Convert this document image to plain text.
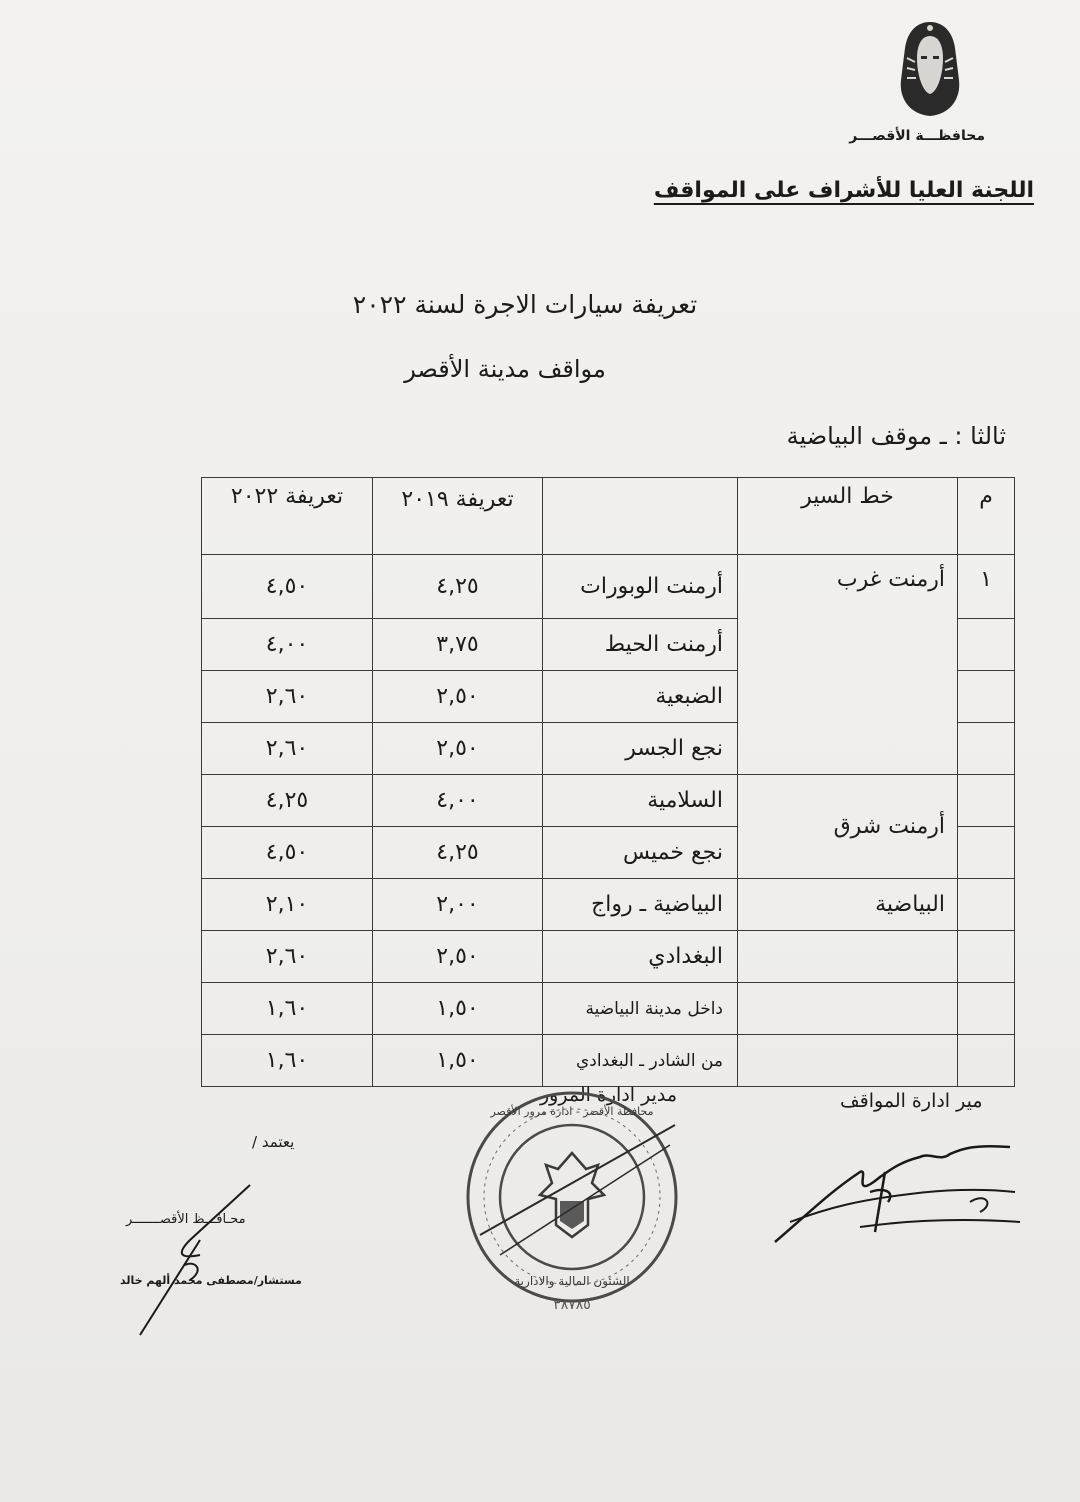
محافظـــة الأقصـــر
اللجنة العليا للأشراف على المواقف
تعريفة سيارات الاجرة لسنة ٢٠٢٢
مواقف مدينة الأقصر
ثالثا : ـ موقف البياضية
م	خط السير		تعريفة ٢٠١٩	تعريفة ٢٠٢٢
١	أرمنت غرب	أرمنت الوبورات	٤,٢٥	٤,٥٠
		أرمنت الحيط	٣,٧٥	٤,٠٠
		الضبعية	٢,٥٠	٢,٦٠
		نجع الجسر	٢,٥٠	٢,٦٠
	أرمنت شرق	السلامية	٤,٠٠	٤,٢٥
		نجع خميس	٤,٢٥	٤,٥٠
	البياضية	البياضية ـ رواج	٢,٠٠	٢,١٠
		البغدادي	٢,٥٠	٢,٦٠
		داخل مدينة البياضية	١,٥٠	١,٦٠
		من الشادر ـ البغدادي	١,٥٠	١,٦٠
مير ادارة المواقف
مدير ادارة المرور
يعتمد /
محـافـــظ الأقصـــــــر
مستشار/مصطفى محمد ألهم خالد	الشئون المالية والادارية
محافظة الأقصر - ادارة مرور الأقصر
٣٨٧٨٥
